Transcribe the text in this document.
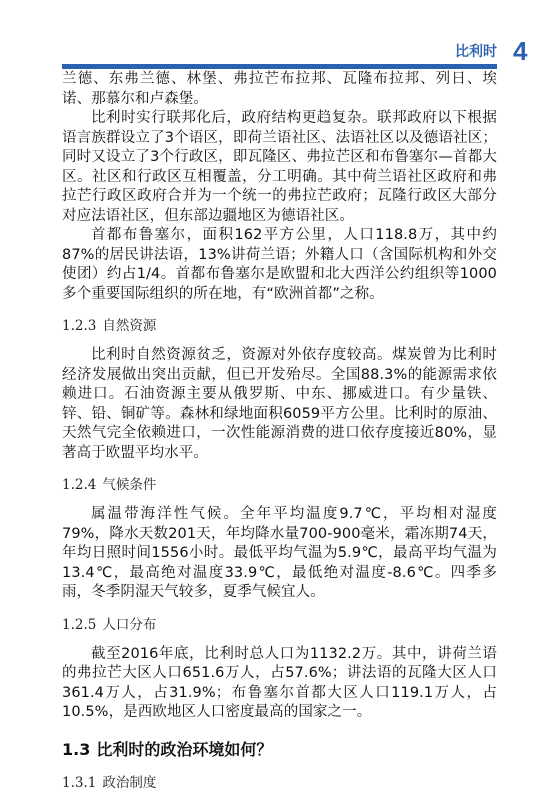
比利时 4

兰德、东弗兰德、林堡、弗拉芒布拉邦、瓦隆布拉邦、列日、埃诺、那慕尔和卢森堡。

比利时实行联邦化后，政府结构更趋复杂。联邦政府以下根据语言族群设立了3个语区，即荷兰语社区、法语社区以及德语社区；同时又设立了3个行政区，即瓦隆区、弗拉芒区和布鲁塞尔—首都大区。社区和行政区互相覆盖，分工明确。其中荷兰语社区政府和弗拉芒行政区政府合并为一个统一的弗拉芒政府；瓦隆行政区大部分对应法语社区，但东部边疆地区为德语社区。

首都布鲁塞尔，面积162平方公里，人口118.8万，其中约87%的居民讲法语，13%讲荷兰语；外籍人口（含国际机构和外交使团）约占1/4。首都布鲁塞尔是欧盟和北大西洋公约组织等1000多个重要国际组织的所在地，有“欧洲首都”之称。

1.2.3 自然资源

比利时自然资源贫乏，资源对外依存度较高。煤炭曾为比利时经济发展做出突出贡献，但已开发殆尽。全国88.3%的能源需求依赖进口。石油资源主要从俄罗斯、中东、挪威进口。有少量铁、锌、铅、铜矿等。森林和绿地面积6059平方公里。比利时的原油、天然气完全依赖进口，一次性能源消费的进口依存度接近80%，显著高于欧盟平均水平。

1.2.4 气候条件

属温带海洋性气候。全年平均温度9.7℃，平均相对湿度79%，降水天数201天，年均降水量700-900毫米，霜冻期74天，年均日照时间1556小时。最低平均气温为5.9℃，最高平均气温为13.4℃，最高绝对温度33.9℃，最低绝对温度-8.6℃。四季多雨，冬季阴湿天气较多，夏季气候宜人。

1.2.5 人口分布

截至2016年底，比利时总人口为1132.2万。其中，讲荷兰语的弗拉芒大区人口651.6万人，占57.6%；讲法语的瓦隆大区人口361.4万人，占31.9%；布鲁塞尔首都大区人口119.1万人，占10.5%，是西欧地区人口密度最高的国家之一。

1.3 比利时的政治环境如何？
1.3.1 政治制度
